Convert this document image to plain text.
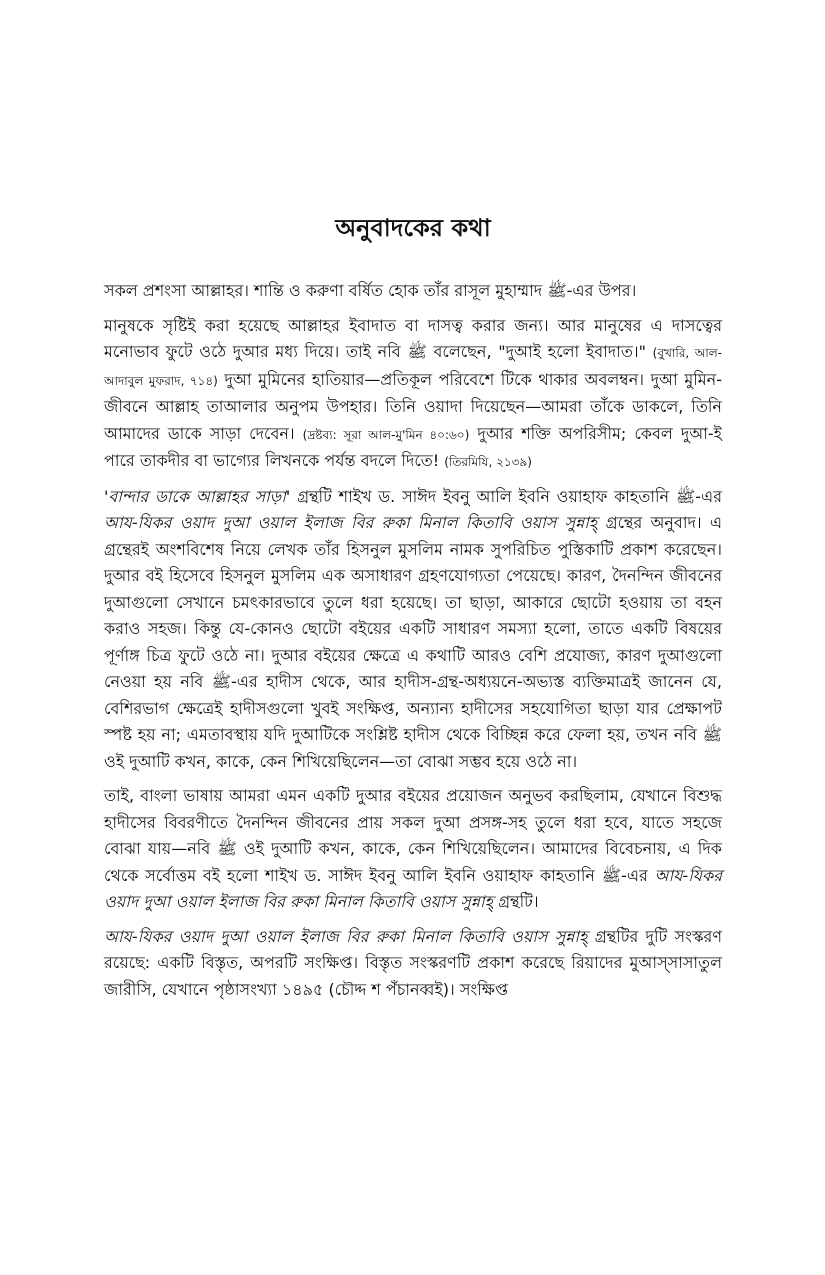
অনুবাদকের কথা

সকল প্রশংসা আল্লাহর। শান্তি ও করুণা বর্ষিত হোক তাঁর রাসূল মুহাম্মাদ ﷺ-এর উপর।

মানুষকে সৃষ্টিই করা হয়েছে আল্লাহর ইবাদাত বা দাসত্ব করার জন্য। আর মানুষের এ দাসত্বের মনোভাব ফুটে ওঠে দুআর মধ্য দিয়ে। তাই নবি ﷺ বলেছেন, "দুআই হলো ইবাদাত।" (বুখারি, আল-আদাবুল মুফরাদ, ৭১৪) দুআ মুমিনের হাতিয়ার—প্রতিকূল পরিবেশে টিকে থাকার অবলম্বন। দুআ মুমিন-জীবনে আল্লাহ তাআলার অনুপম উপহার। তিনি ওয়াদা দিয়েছেন—আমরা তাঁকে ডাকলে, তিনি আমাদের ডাকে সাড়া দেবেন। (দ্রষ্টব্য: সূরা আল-মু'মিন ৪০:৬০) দুআর শক্তি অপরিসীম; কেবল দুআ-ই পারে তাকদীর বা ভাগ্যের লিখনকে পর্যন্ত বদলে দিতে! (তিরমিযি, ২১৩৯)

'বান্দার ডাকে আল্লাহর সাড়া' গ্রন্থটি শাইখ ড. সাঈদ ইবনু আলি ইবনি ওয়াহাফ কাহতানি ﷺ-এর আয-যিকর ওয়াদ দুআ ওয়াল ইলাজ বির রুকা মিনাল কিতাবি ওয়াস সুন্নাহ্ গ্রন্থের অনুবাদ। এ গ্রন্থেরই অংশবিশেষ নিয়ে লেখক তাঁর হিসনুল মুসলিম নামক সুপরিচিত পুস্তিকাটি প্রকাশ করেছেন। দুআর বই হিসেবে হিসনুল মুসলিম এক অসাধারণ গ্রহণযোগ্যতা পেয়েছে। কারণ, দৈনন্দিন জীবনের দুআগুলো সেখানে চমৎকারভাবে তুলে ধরা হয়েছে। তা ছাড়া, আকারে ছোটো হওয়ায় তা বহন করাও সহজ। কিন্তু যে-কোনও ছোটো বইয়ের একটি সাধারণ সমস্যা হলো, তাতে একটি বিষয়ের পূর্ণাঙ্গ চিত্র ফুটে ওঠে না। দুআর বইয়ের ক্ষেত্রে এ কথাটি আরও বেশি প্রযোজ্য, কারণ দুআগুলো নেওয়া হয় নবি ﷺ-এর হাদীস থেকে, আর হাদীস-গ্রন্থ-অধ্যয়নে-অভ্যস্ত ব্যক্তিমাত্রই জানেন যে, বেশিরভাগ ক্ষেত্রেই হাদীসগুলো খুবই সংক্ষিপ্ত, অন্যান্য হাদীসের সহযোগিতা ছাড়া যার প্রেক্ষাপট স্পষ্ট হয় না; এমতাবস্থায় যদি দুআটিকে সংশ্লিষ্ট হাদীস থেকে বিচ্ছিন্ন করে ফেলা হয়, তখন নবি ﷺ ওই দুআটি কখন, কাকে, কেন শিখিয়েছিলেন—তা বোঝা সম্ভব হয়ে ওঠে না।

তাই, বাংলা ভাষায় আমরা এমন একটি দুআর বইয়ের প্রয়োজন অনুভব করছিলাম, যেখানে বিশুদ্ধ হাদীসের বিবরণীতে দৈনন্দিন জীবনের প্রায় সকল দুআ প্রসঙ্গ-সহ তুলে ধরা হবে, যাতে সহজে বোঝা যায়—নবি ﷺ ওই দুআটি কখন, কাকে, কেন শিখিয়েছিলেন। আমাদের বিবেচনায়, এ দিক থেকে সর্বোত্তম বই হলো শাইখ ড. সাঈদ ইবনু আলি ইবনি ওয়াহাফ কাহতানি ﷺ-এর আয-যিকর ওয়াদ দুআ ওয়াল ইলাজ বির রুকা মিনাল কিতাবি ওয়াস সুন্নাহ্ গ্রন্থটি।

আয-যিকর ওয়াদ দুআ ওয়াল ইলাজ বির রুকা মিনাল কিতাবি ওয়াস সুন্নাহ্ গ্রন্থটির দুটি সংস্করণ রয়েছে: একটি বিস্তৃত, অপরটি সংক্ষিপ্ত। বিস্তৃত সংস্করণটি প্রকাশ করেছে রিয়াদের মুআস্সাসাতুল জারীসি, যেখানে পৃষ্ঠাসংখ্যা ১৪৯৫ (চৌদ্দ শ পঁচানব্বই)। সংক্ষিপ্ত
